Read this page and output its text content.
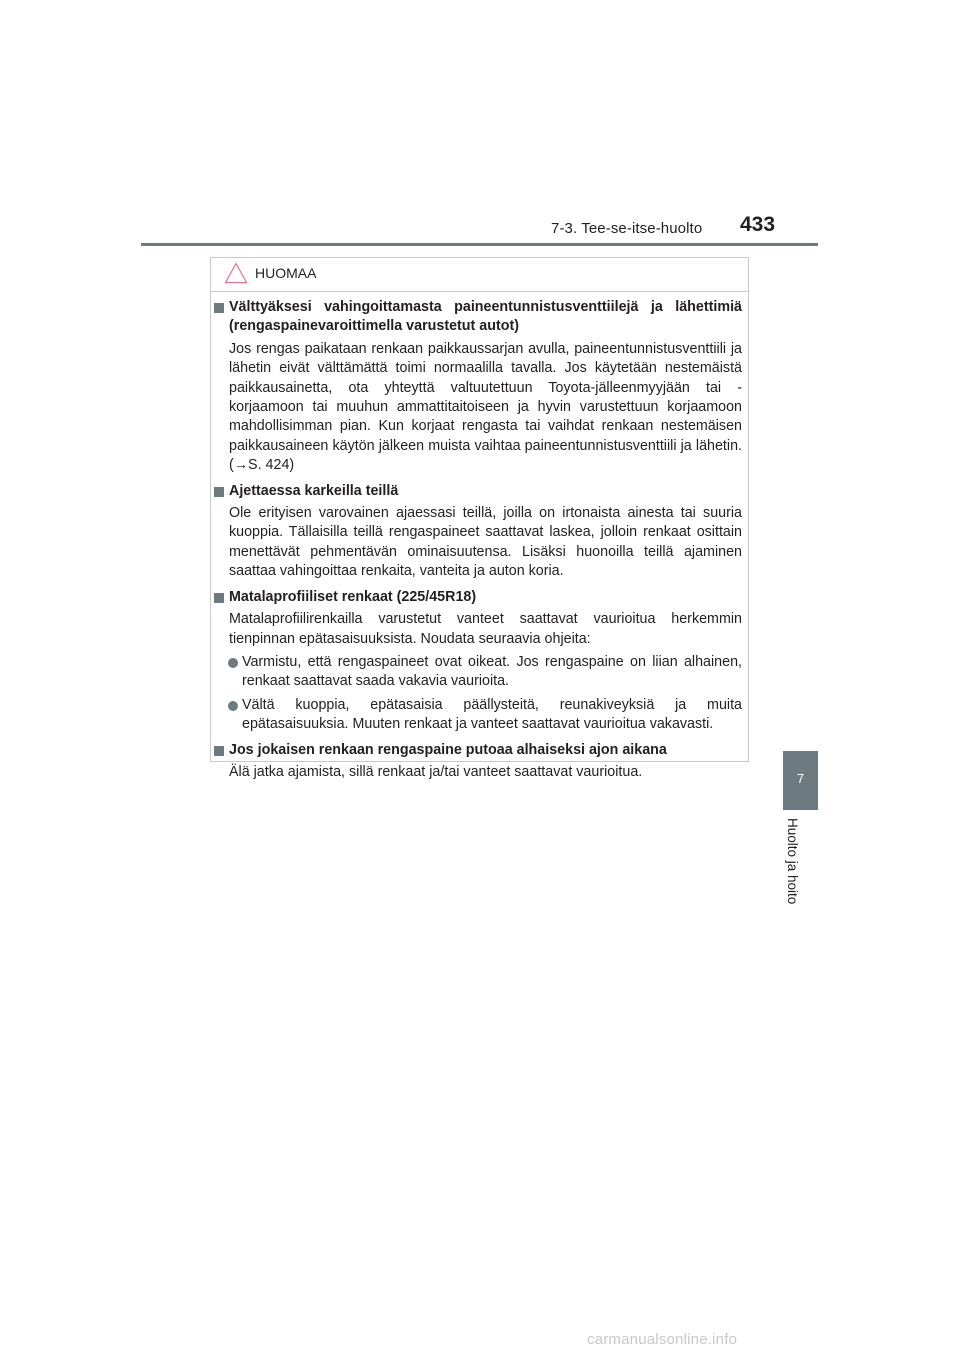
7-3. Tee-se-itse-huolto 433
7
Huolto ja hoito
HUOMAA
Välttyäksesi vahingoittamasta paineentunnistusventtiilejä ja lähettimiä (rengaspainevaroittimella varustetut autot)
Jos rengas paikataan renkaan paikkaussarjan avulla, paineentunnistusventtiili ja lähetin eivät välttämättä toimi normaalilla tavalla. Jos käytetään nestemäistä paikkausainetta, ota yhteyttä valtuutettuun Toyota-jälleenmyyjään tai -korjaamoon tai muuhun ammattitaitoiseen ja hyvin varustettuun korjaamoon mahdollisimman pian. Kun korjaat rengasta tai vaihdat renkaan nestemäisen paikkausaineen käytön jälkeen muista vaihtaa paineentunnistusventtiili ja lähetin. (→S. 424)
Ajettaessa karkeilla teillä
Ole erityisen varovainen ajaessasi teillä, joilla on irtonaista ainesta tai suuria kuoppia. Tällaisilla teillä rengaspaineet saattavat laskea, jolloin renkaat osittain menettävät pehmentävän ominaisuutensa. Lisäksi huonoilla teillä ajaminen saattaa vahingoittaa renkaita, vanteita ja auton koria.
Matalaprofiiliset renkaat (225/45R18)
Matalaprofiilirenkailla varustetut vanteet saattavat vaurioitua herkemmin tienpinnan epätasaisuuksista. Noudata seuraavia ohjeita:
Varmistu, että rengaspaineet ovat oikeat. Jos rengaspaine on liian alhainen, renkaat saattavat saada vakavia vaurioita.
Vältä kuoppia, epätasaisia päällysteitä, reunakiveyksiä ja muita epätasaisuuksia. Muuten renkaat ja vanteet saattavat vaurioitua vakavasti.
Jos jokaisen renkaan rengaspaine putoaa alhaiseksi ajon aikana
Älä jatka ajamista, sillä renkaat ja/tai vanteet saattavat vaurioitua.
carmanualsonline.info
